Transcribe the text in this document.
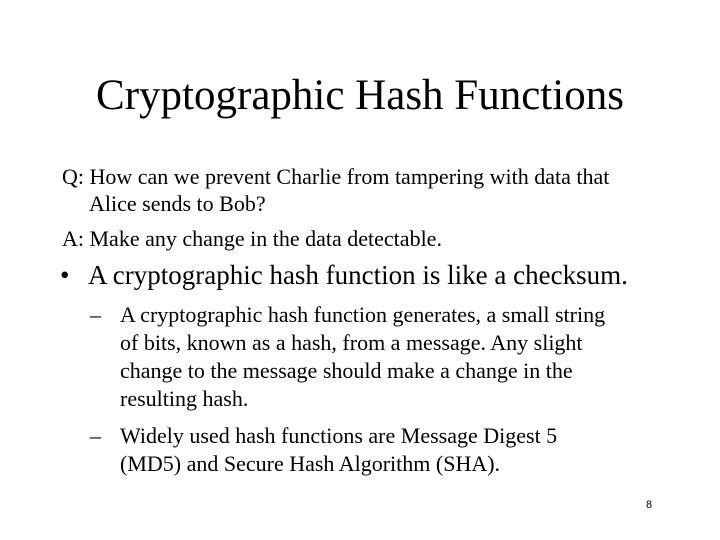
Cryptographic Hash Functions

Q: How can we prevent Charlie from tampering with data that
Alice sends to Bob?

A: Make any change in the data detectable.

• A cryptographic hash function is like a checksum.
– A cryptographic hash function generates, a small string
of bits, known as a hash, from a message. Any slight
change to the message should make a change in the
resulting hash.
– Widely used hash functions are Message Digest 5
(MD5) and Secure Hash Algorithm (SHA).
8
